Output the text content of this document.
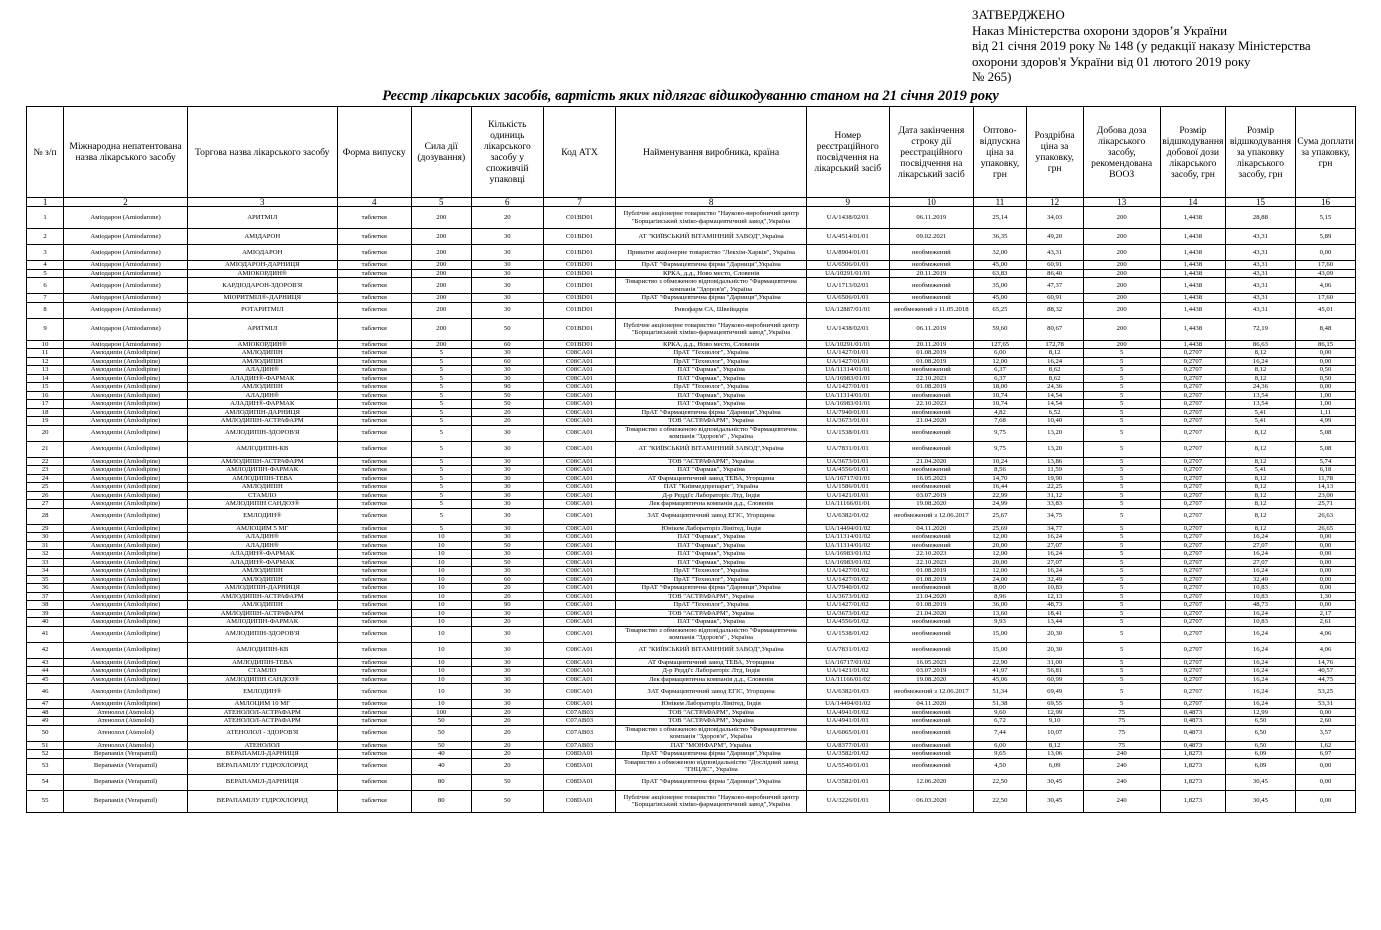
ЗАТВЕРДЖЕНО
Наказ Міністерства охорони здоров’я України
від 21 січня 2019 року № 148 (у редакції наказу Міністерства
охорони здоров'я України від 01 лютого 2019 року
№ 265)
Реєстр лікарських засобів, вартість яких підлягає відшкодуванню станом на 21 січня 2019 року
№ з/п	Міжнародна непатентована назва лікарського засобу	Торгова назва лікарського засобу	Форма випуску	Сила дії (дозування)	Кількість одиниць лікарського засобу у споживчій упаковці	Код АТХ	Найменування виробника, країна	Номер реєстраційного посвідчення на лікарський засіб	Дата закінчення строку дії реєстраційного посвідчення на лікарський засіб	Оптово-відпускна ціна за упаковку, грн	Роздрібна ціна за упаковку, грн	Добова доза лікарського засобу, рекомендована ВООЗ	Розмір відшкодування добової дози лікарського засобу, грн	Розмір відшкодування за упаковку лікарського засобу, грн	Сума доплати за упаковку, грн
1	2	3	4	5	6	7	8	9	10	11	12	13	14	15	16
1	Аміодарон (Amiodarone)	АРИТМІЛ	таблетки	200	20	C01BD01	Публічне акціонерне товариство "Науково-виробничий центр "Борщагівський хіміко-фармацевтичний завод",Україна	UA/1438/02/01	06.11.2019	25,14	34,03	200	1,4438	28,88	5,15
2	Аміодарон (Amiodarone)	АМІДАРОН	таблетки	200	30	C01BD01	АТ "КИЇВСЬКИЙ ВІТАМІННИЙ ЗАВОД",Україна	UA/4514/01/01	09.02.2021	36,35	49,20	200	1,4438	43,31	5,89
3	Аміодарон (Amiodarone)	АМІОДАРОН	таблетки	200	30	C01BD01	Приватне акціонерне товариство "Лекхім-Харків", Україна	UA/8904/01/01	необмежений	32,00	43,31	200	1,4438	43,31	0,00
4	Аміодарон (Amiodarone)	АМІОДАРОН-ДАРНИЦЯ	таблетки	200	30	C01BD01	ПрАТ "Фармацевтична фірма "Дарниця",Україна	UA/6506/01/01	необмежений	45,00	60,91	200	1,4438	43,31	17,60
5	Аміодарон (Amiodarone)	АМІОКОРДИН®	таблетки	200	30	C01BD01	КРКА, д.д., Ново место, Словенія	UA/10291/01/01	20.11.2019	63,83	86,40	200	1,4438	43,31	43,09
6	Аміодарон (Amiodarone)	КАРДІОДАРОН-ЗДОРОВ'Я	таблетки	200	30	C01BD01	Товариство з обмеженою відповідальністю "Фармацевтична компанія "Здоров'я", Україна	UA/1713/02/01	необмежений	35,00	47,37	200	1,4438	43,31	4,06
7	Аміодарон (Amiodarone)	МІОРИТМІЛ®-ДАРНИЦЯ	таблетки	200	30	C01BD01	ПрАТ "Фармацевтична фірма "Дарниця",Україна	UA/6506/01/01	необмежений	45,00	60,91	200	1,4438	43,31	17,60
8	Аміодарон (Amiodarone)	РОТАРИТМІЛ	таблетки	200	30	C01BD01	Ривофарм СА, Швейцарія	UA/12887/01/01	необмежений з 11.05.2018	65,25	88,32	200	1,4438	43,31	45,01
9	Аміодарон (Amiodarone)	АРИТМІЛ	таблетки	200	50	C01BD01	Публічне акціонерне товариство "Науково-виробничий центр "Борщагівський хіміко-фармацевтичний завод",Україна	UA/1438/02/01	06.11.2019	59,60	80,67	200	1,4438	72,19	8,48
10	Аміодарон (Amiodarone)	АМІОКОРДИН®	таблетки	200	60	C01BD01	КРКА, д.д., Ново место, Словенія	UA/10291/01/01	20.11.2019	127,65	172,78	200	1,4438	86,63	86,15
11	Амлодипін (Amlodipine)	АМЛОДИПІН	таблетки	5	30	C08CA01	ПрАТ "Технолог", Україна	UA/1427/01/01	01.08.2019	6,00	8,12	5	0,2707	8,12	0,00
12	Амлодипін (Amlodipine)	АМЛОДИПІН	таблетки	5	60	C08CA01	ПрАТ "Технолог", Україна	UA/1427/01/01	01.08.2019	12,00	16,24	5	0,2707	16,24	0,00
13	Амлодипін (Amlodipine)	АЛАДИН®	таблетки	5	30	C08CA01	ПАТ "Фармак", Україна	UA/11314/01/01	необмежений	6,37	8,62	5	0,2707	8,12	0,50
14	Амлодипін (Amlodipine)	АЛАДИН®-ФАРМАК	таблетки	5	30	C08CA01	ПАТ "Фармак", Україна	UA/16983/01/01	22.10.2023	6,37	8,62	5	0,2707	8,12	0,50
15	Амлодипін (Amlodipine)	АМЛОДИПІН	таблетки	5	90	C08CA01	ПрАТ "Технолог", Україна	UA/1427/01/01	01.08.2019	18,00	24,36	5	0,2707	24,36	0,00
16	Амлодипін (Amlodipine)	АЛАДИН®	таблетки	5	50	C08CA01	ПАТ "Фармак", Україна	UA/11314/01/01	необмежений	10,74	14,54	5	0,2707	13,54	1,00
17	Амлодипін (Amlodipine)	АЛАДИН®-ФАРМАК	таблетки	5	50	C08CA01	ПАТ "Фармак", Україна	UA/16983/01/01	22.10.2023	10,74	14,54	5	0,2707	13,54	1,00
18	Амлодипін (Amlodipine)	АМЛОДИПІН-ДАРНИЦЯ	таблетки	5	20	C08CA01	ПрАТ "Фармацевтична фірма "Дарниця",Україна	UA/7940/01/01	необмежений	4,82	6,52	5	0,2707	5,41	1,11
19	Амлодипін (Amlodipine)	АМЛОДИПІН-АСТРАФАРМ	таблетки	5	20	C08CA01	ТОВ "АСТРАФАРМ", Україна	UA/3673/01/01	21.04.2020	7,68	10,40	5	0,2707	5,41	4,99
20	Амлодипін (Amlodipine)	АМЛОДИПІН-ЗДОРОВ'Я	таблетки	5	30	C08CA01	Товариство з обмеженою відповідальністю "Фармацевтична компанія "Здоров'я" , Україна	UA/1538/01/01	необмежений	9,75	13,20	5	0,2707	8,12	5,08
21	Амлодипін (Amlodipine)	АМЛОДИПІН-КВ	таблетки	5	30	C08CA01	АТ "КИЇВСЬКИЙ ВІТАМІННИЙ ЗАВОД",Україна	UA/7831/01/01	необмежений	9,75	13,20	5	0,2707	8,12	5,08
22	Амлодипін (Amlodipine)	АМЛОДИПІН-АСТРАФАРМ	таблетки	5	30	C08CA01	ТОВ "АСТРАФАРМ", Україна	UA/3673/01/01	21.04.2020	10,24	13,86	5	0,2707	8,12	5,74
23	Амлодипін (Amlodipine)	АМЛОДИПІН-ФАРМАК	таблетки	5	30	C08CA01	ПАТ "Фармак", Україна	UA/4556/01/01	необмежений	8,56	11,59	5	0,2707	5,41	6,18
24	Амлодипін (Amlodipine)	АМЛОДИПІН-ТЕВА	таблетки	5	30	C08CA01	АТ Фармацевтичний завод ТЕВА, Угорщина	UA/16717/01/01	16.05.2023	14,70	19,90	5	0,2707	8,12	11,78
25	Амлодипін (Amlodipine)	АМЛОДИПІН	таблетки	5	30	C08CA01	ПАТ "Київмедпрепарат", Україна	UA/1586/01/01	необмежений	16,44	22,25	5	0,2707	8,12	14,13
26	Амлодипін (Amlodipine)	СТАМЛО	таблетки	5	30	C08CA01	Д-р Редді'с Лабораторіс Лтд, Індія	UA/1421/01/01	03.07.2019	22,99	31,12	5	0,2707	8,12	23,00
27	Амлодипін (Amlodipine)	АМЛОДИПІН САНДОЗ®	таблетки	5	30	C08CA01	Лек фармацевтична компанія д.д., Словенія	UA/11166/01/01	19.08.2020	24,99	33,83	5	0,2707	8,12	25,71
28	Амлодипін (Amlodipine)	ЕМЛОДИН®	таблетки	5	30	C08CA01	ЗАТ Фармацевтичний завод ЕГІС, Угорщина	UA/6382/01/02	необмежений з 12.06.2017	25,67	34,75	5	0,2707	8,12	26,63
29	Амлодипін (Amlodipine)	АМЛОЦИМ 5 МГ	таблетки	5	30	C08CA01	Юнікем Лабораторіз Лімітед, Індія	UA/14494/01/02	04.11.2020	25,69	34,77	5	0,2707	8,12	26,65
30	Амлодипін (Amlodipine)	АЛАДИН®	таблетки	10	30	C08CA01	ПАТ "Фармак", Україна	UA/11314/01/02	необмежений	12,00	16,24	5	0,2707	16,24	0,00
31	Амлодипін (Amlodipine)	АЛАДИН®	таблетки	10	50	C08CA01	ПАТ "Фармак", Україна	UA/11314/01/02	необмежений	20,00	27,07	5	0,2707	27,07	0,00
32	Амлодипін (Amlodipine)	АЛАДИН®-ФАРМАК	таблетки	10	30	C08CA01	ПАТ "Фармак", Україна	UA/16983/01/02	22.10.2023	12,00	16,24	5	0,2707	16,24	0,00
33	Амлодипін (Amlodipine)	АЛАДИН®-ФАРМАК	таблетки	10	50	C08CA01	ПАТ "Фармак", Україна	UA/16983/01/02	22.10.2023	20,00	27,07	5	0,2707	27,07	0,00
34	Амлодипін (Amlodipine)	АМЛОДИПІН	таблетки	10	30	C08CA01	ПрАТ "Технолог", Україна	UA/1427/01/02	01.08.2019	12,00	16,24	5	0,2707	16,24	0,00
35	Амлодипін (Amlodipine)	АМЛОДИПІН	таблетки	10	60	C08CA01	ПрАТ "Технолог", Україна	UA/1427/01/02	01.08.2019	24,00	32,49	5	0,2707	32,49	0,00
36	Амлодипін (Amlodipine)	АМЛОДИПІН-ДАРНИЦЯ	таблетки	10	20	C08CA01	ПрАТ "Фармацевтична фірма "Дарниця",Україна	UA/7940/01/02	необмежений	8,00	10,83	5	0,2707	10,83	0,00
37	Амлодипін (Amlodipine)	АМЛОДИПІН-АСТРАФАРМ	таблетки	10	20	C08CA01	ТОВ "АСТРАФАРМ", Україна	UA/3673/01/02	21.04.2020	8,96	12,13	5	0,2707	10,83	1,30
38	Амлодипін (Amlodipine)	АМЛОДИПІН	таблетки	10	90	C08CA01	ПрАТ "Технолог", Україна	UA/1427/01/02	01.08.2019	36,00	48,73	5	0,2707	48,73	0,00
39	Амлодипін (Amlodipine)	АМЛОДИПІН-АСТРАФАРМ	таблетки	10	30	C08CA01	ТОВ "АСТРАФАРМ", Україна	UA/3673/01/02	21.04.2020	13,60	18,41	5	0,2707	16,24	2,17
40	Амлодипін (Amlodipine)	АМЛОДИПІН-ФАРМАК	таблетки	10	20	C08CA01	ПАТ "Фармак", Україна	UA/4556/01/02	необмежений	9,93	13,44	5	0,2707	10,83	2,61
41	Амлодипін (Amlodipine)	АМЛОДИПІН-ЗДОРОВ'Я	таблетки	10	30	C08CA01	Товариство з обмеженою відповідальністю "Фармацевтична компанія "Здоров'я" , Україна	UA/1538/01/02	необмежений	15,00	20,30	5	0,2707	16,24	4,06
42	Амлодипін (Amlodipine)	АМЛОДИПІН-КВ	таблетки	10	30	C08CA01	АТ "КИЇВСЬКИЙ ВІТАМІННИЙ ЗАВОД",Україна	UA/7831/01/02	необмежений	15,00	20,30	5	0,2707	16,24	4,06
43	Амлодипін (Amlodipine)	АМЛОДИПІН-ТЕВА	таблетки	10	30	C08CA01	АТ Фармацевтичний завод ТЕВА, Угорщина	UA/16717/01/02	16.05.2023	22,90	31,00	5	0,2707	16,24	14,76
44	Амлодипін (Amlodipine)	СТАМЛО	таблетки	10	30	C08CA01	Д-р Редді'с Лабораторіс Лтд, Індія	UA/1421/01/02	03.07.2019	41,97	56,81	5	0,2707	16,24	40,57
45	Амлодипін (Amlodipine)	АМЛОДИПІН САНДОЗ®	таблетки	10	30	C08CA01	Лек фармацевтична компанія д.д., Словенія	UA/11166/01/02	19.08.2020	45,06	60,99	5	0,2707	16,24	44,75
46	Амлодипін (Amlodipine)	ЕМЛОДИН®	таблетки	10	30	C08CA01	ЗАТ Фармацевтичний завод ЕГІС, Угорщина	UA/6382/01/03	необмежений з 12.06.2017	51,34	69,49	5	0,2707	16,24	53,25
47	Амлодипін (Amlodipine)	АМЛОЦИМ 10 МГ	таблетки	10	30	C08CA01	Юнікем Лабораторіз Лімітед, Індія	UA/14494/01/02	04.11.2020	51,38	69,55	5	0,2707	16,24	53,31
48	Атенолол (Atenolol)	АТЕНОЛОЛ-АСТРАФАРМ	таблетки	100	20	C07AB03	ТОВ "АСТРАФАРМ", Україна	UA/4941/01/02	необмежений	9,60	12,99	75	0,4873	12,99	0,00
49	Атенолол (Atenolol)	АТЕНОЛОЛ-АСТРАФАРМ	таблетки	50	20	C07AB03	ТОВ "АСТРАФАРМ", Україна	UA/4941/01/01	необмежений	6,72	9,10	75	0,4873	6,50	2,60
50	Атенолол (Atenolol)	АТЕНОЛОЛ - ЗДОРОВ'Я	таблетки	50	20	C07AB03	Товариство з обмеженою відповідальністю "Фармацевтична компанія "Здоров'я", Україна	UA/6065/01/01	необмежений	7,44	10,07	75	0,4873	6,50	3,57
51	Атенолол (Atenolol)	АТЕНОЛОЛ	таблетки	50	20	C07AB03	ПАТ "МОНФАРМ", Україна	UA/8377/01/01	необмежений	6,00	8,12	75	0,4873	6,50	1,62
52	Верапаміл (Verapamil)	ВЕРАПАМІЛ-ДАРНИЦЯ	таблетки	40	20	C08DA01	ПрАТ "Фармацевтична фірма "Дарниця",Україна	UA/3582/01/02	необмежений	9,65	13,06	240	1,8273	6,09	6,97
53	Верапаміл (Verapamil)	ВЕРАПАМІЛУ ГІДРОХЛОРИД	таблетки	40	20	C08DA01	Товариство з обмеженою відповідальністю "Дослідний завод "ГНЦЛС", Україна	UA/5540/01/01	необмежений	4,50	6,09	240	1,8273	6,09	0,00
54	Верапаміл (Verapamil)	ВЕРАПАМІЛ-ДАРНИЦЯ	таблетки	80	50	C08DA01	ПрАТ "Фармацевтична фірма "Дарниця",Україна	UA/3582/01/01	12.06.2020	22,50	30,45	240	1,8273	30,45	0,00
55	Верапаміл (Verapamil)	ВЕРАПАМІЛУ ГІДРОХЛОРИД	таблетки	80	50	C08DA01	Публічне акціонерне товариство "Науково-виробничий центр "Борщагівський хіміко-фармацевтичний завод",Україна	UA/3226/01/01	06.03.2020	22,50	30,45	240	1,8273	30,45	0,00
